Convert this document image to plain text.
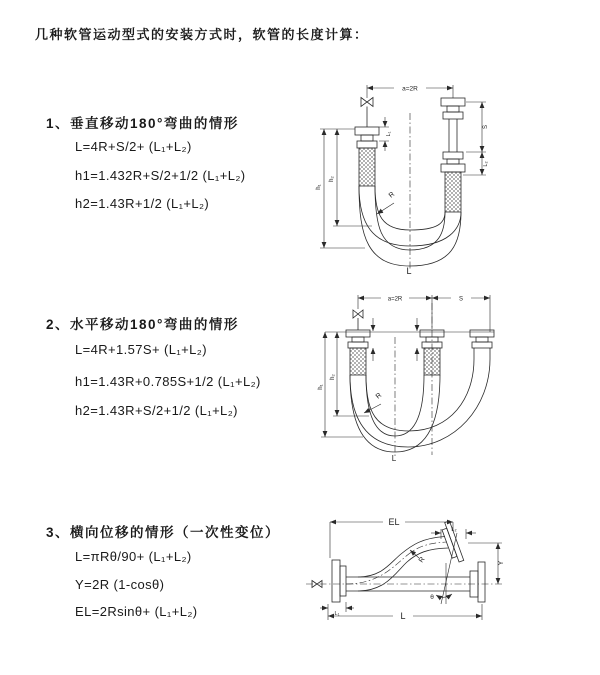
几种软管运动型式的安装方式时，软管的长度计算：
1、垂直移动180°弯曲的情形
L=4R+S/2+ (L₁+L₂)
h1=1.432R+S/2+1/2 (L₁+L₂)
h2=1.43R+1/2 (L₁+L₂)
2、水平移动180°弯曲的情形
L=4R+1.57S+ (L₁+L₂)
h1=1.43R+0.785S+1/2 (L₁+L₂)
h2=1.43R+S/2+1/2 (L₁+L₂)
3、横向位移的情形（一次性变位）
L=πRθ/90+ (L₁+L₂)
Y=2R (1-cosθ)
EL=2Rsinθ+ (L₁+L₂)
a=2R
h₁
h₂
L₁
S
L₂
R
L
a=2R	S
h₁
h₂
R
L
EL
L₂
Y
θ
R
L
L₁
